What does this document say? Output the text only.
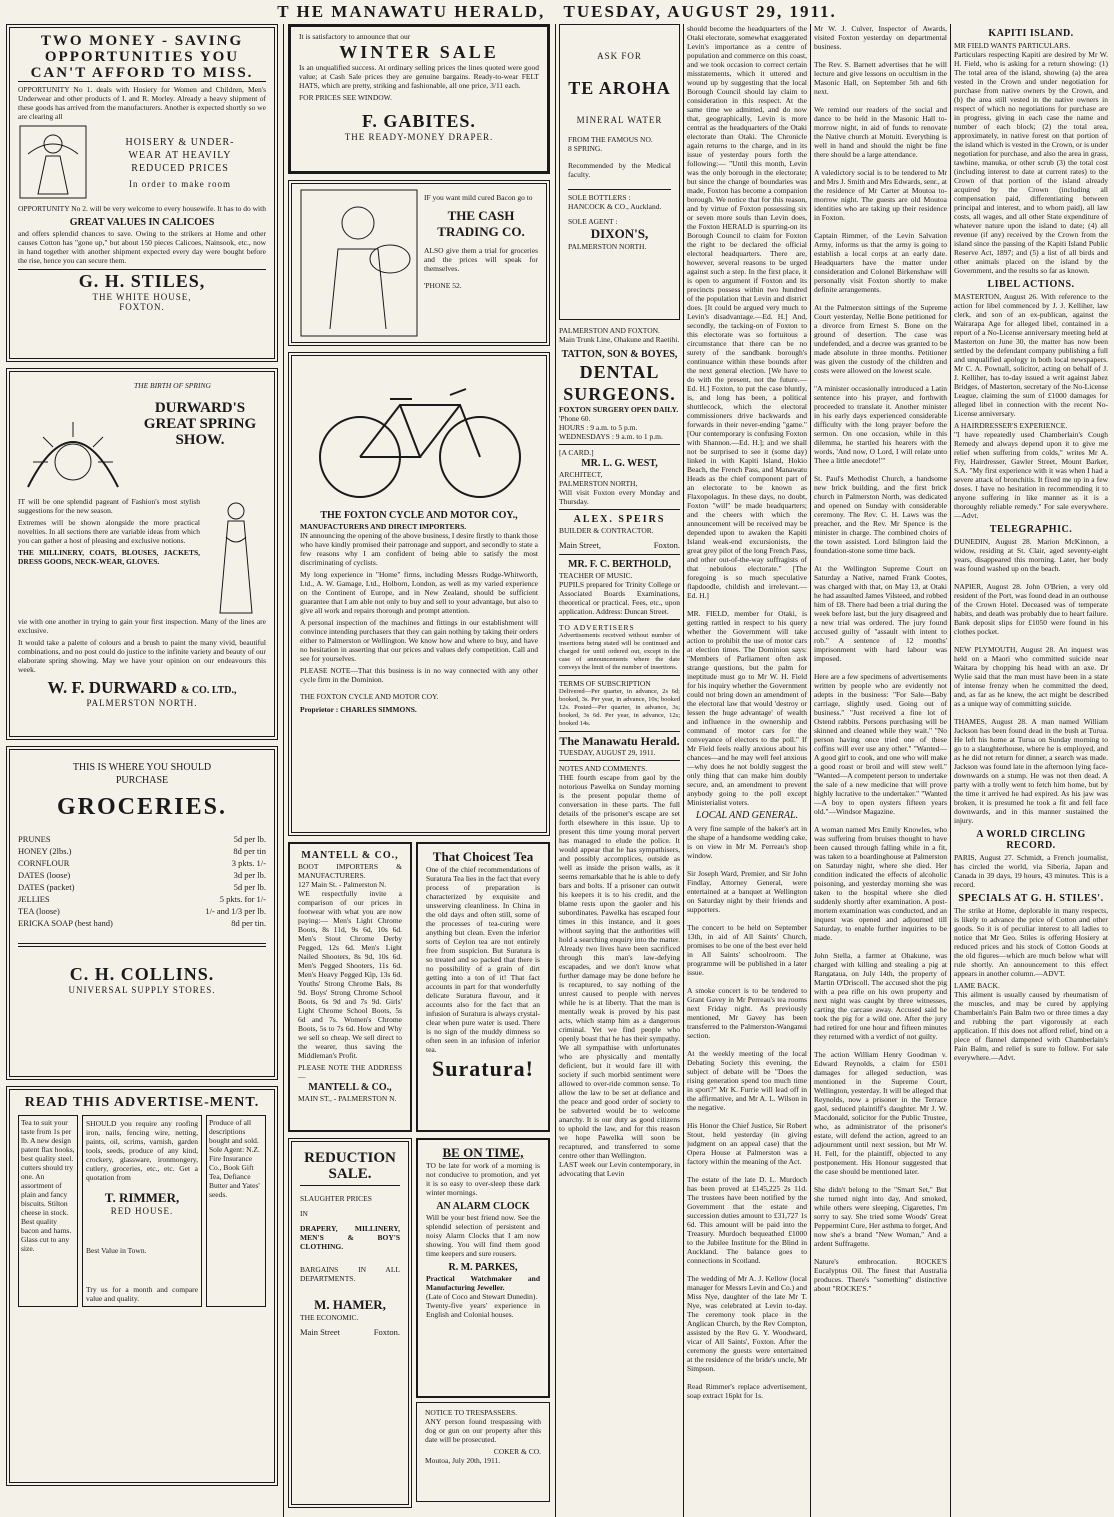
T HE MANAWATU HERALD, TUESDAY, AUGUST 29, 1911.
TWO MONEY - SAVING
OPPORTUNITIES YOU
CAN'T AFFORD TO MISS.
OPPORTUNITY No 1. deals with Hosiery for Women and Children, Men's Underwear and other products of I. and R. Morley. Already a heavy shipment of these goods has arrived from the manufacturers. Another is expected shortly so we are clearing all
HOISERY & UNDER-
WEAR AT HEAVILY
REDUCED PRICES
In order to make room
OPPORTUNITY No 2. will be very welcome to every housewife. It has to do with
GREAT VALUES IN CALICOES
and offers splendid chances to save. Owing to the strikers at Home and other causes Cotton has "gone up," but about 150 pieces Calicoes, Nainsook, etc., now in hand together with another shipment expected every day were bought before the rise, hence you can secure them.
G. H. STILES,
THE WHITE HOUSE,
FOXTON.
THE BIRTH OF SPRING
DURWARD'S
GREAT SPRING
SHOW.
IT will be one splendid pageant of Fashion's most stylish suggestions for the new season.
Extremes will be shown alongside the more practical novelties. In all sections there are variable ideas from which you can gather a host of pleasing and exclusive notions.
THE MILLINERY, COATS, BLOUSES, JACKETS, DRESS GOODS, NECK-WEAR, GLOVES.
vie with one another in trying to gain your first inspection. Many of the lines are exclusive.
It would take a palette of colours and a brush to paint the many vivid, beautiful combinations, and no post could do justice to the infinite variety and beauty of our elaborate spring showing. May we have your opinion on our endeavours this week.
W. F. DURWARD & CO. LTD.,
PALMERSTON NORTH.
THIS IS WHERE YOU SHOULD
PURCHASE
GROCERIES.
PRUNES	5d per lb.
HONEY (2lbs.)	8d per tin
CORNFLOUR	3 pkts. 1/-
DATES (loose)	3d per lb.
DATES (packet)	5d per lb.
JELLIES	5 pkts. for 1/-
TEA (loose)	1/- and 1/3 per lb.
ERICKA SOAP (best hand)	8d per tin.
C. H. COLLINS.
UNIVERSAL SUPPLY STORES.
READ THIS ADVERTISE-MENT.
Tea to suit your taste from 1s per lb. A new design patent flax hooks, best quality steel. cutters should try one. An assortment of plain and fancy biscuits. Stilton cheese in stock. Best quality bacon and hams. Glass cut to any size.
SHOULD you require any roofing iron, nails, fencing wire, netting, paints, oil, scrims, varnish, garden tools, seeds, produce of any kind, crockery, glassware, ironmongery, cutlery, groceries, etc., etc. Get a quotation from
T. RIMMER,
RED HOUSE.
Best Value in Town.
Try us for a month and compare value and quality.
Produce of all descriptions bought and sold. Sole Agent: N.Z. Fire Insurance Co., Book Gift Tea, Defiance Butter and Yates' seeds.
It is satisfactory to announce that our
WINTER SALE
Is an unqualified success. At ordinary selling prices the lines quoted were good value; at Cash Sale prices they are genuine bargains. Ready-to-wear FELT HATS, which are pretty, striking and fashionable, all one price, 3/11 each.
FOR PRICES SEE WINDOW.
F. GABITES.
THE READY-MONEY DRAPER.
IF you want mild cured Bacon go to
THE CASH TRADING CO.
ALSO give them a trial for groceries and the prices will speak for themselves.
'PHONE 52.
THE FOXTON CYCLE AND MOTOR COY.,
MANUFACTURERS AND DIRECT IMPORTERS.
IN announcing the opening of the above business, I desire firstly to thank those who have kindly promised their patronage and support, and secondly to state a few reasons why I am confident of being able to satisfy the most discriminating of cyclists.
My long experience in "Home" firms, including Messrs Rudge-Whitworth, Ltd., A. W. Gamage, Ltd., Holborn, London, as well as my varied experience on the Continent of Europe, and in New Zealand, should be sufficient guarantee that I am able not only to buy and sell to your advantage, but also to give all work and repairs thorough and prompt attention.
A personal inspection of the machines and fittings in our establishment will convince intending purchasers that they can gain nothing by taking their orders either to Palmerston or Wellington. We know how and where to buy, and have no hesitation in asserting that our prices and values defy competition. Call and see for yourselves.
PLEASE NOTE—That this business is in no way connected with any other cycle firm in the Dominion.
THE FOXTON CYCLE AND MOTOR COY.
Proprietor : CHARLES SIMMONS.
MANTELL & CO.,
BOOT IMPORTERS & MANUFACTURERS.
127 Main St. - Palmerston N.
WE respectfully invite a comparison of our prices in footwear with what you are now paying:— Men's Light Chrome Boots, 8s 11d, 9s 6d, 10s 6d. Men's Stout Chrome Derby Pegged, 12s 6d. Men's Light Nailed Shooters, 8s 9d, 10s 6d. Men's Pegged Shooters, 11s 6d. Men's Heavy Pegged Kip, 13s 6d. Youths' Strong Chrome Bals, 8s 9d. Boys' Strong Chrome School Boots, 6s 9d and 7s 9d. Girls' Light Chrome School Boots, 5s 6d and 7s. Women's Chrome Boots, 5s to 7s 6d. How and Why we sell so cheap. We sell direct to the wearer, thus saving the Middleman's Profit.
PLEASE NOTE THE ADDRESS—
MANTELL & CO.,
MAIN ST., - PALMERSTON N.
That Choicest Tea
One of the chief recommendations of Suratura Tea lies in the fact that every process of preparation is characterized by exquisite and unswerving cleanliness. In China in the old days and often still, some of the processes of tea-curing were anything but clean. Even the inferior sorts of Ceylon tea are not entirely free from suspicion. But Suratura is so treated and so packed that there is no possibility of a grain of dirt getting into a ton of it! That fact accounts in part for that wonderfully delicate Suratura flavour, and it accounts also for the fact that an infusion of Suratura is always crystal-clear when pure water is used. There is no sign of the muddy dimness so often seen in an infusion of inferior tea.
Suratura!
REDUCTION
SALE.
SLAUGHTER PRICES
IN
DRAPERY, MILLINERY, MEN'S & BOY'S CLOTHING.
BARGAINS IN ALL DEPARTMENTS.
M. HAMER,
THE ECONOMIC.
Main Street	Foxton.
BE ON TIME,
TO be late for work of a morning is not conducive to promotion, and yet it is so easy to over-sleep these dark winter mornings.
AN ALARM CLOCK
Will be your best friend now. See the splendid selection of persistent and noisy Alarm Clocks that I am now showing. You will find them good time keepers and sure rousers.
R. M. PARKES,
Practical Watchmaker and Manufacturing Jeweller.
(Late of Coco and Stewart Dunedin).
Twenty-five years' experience in English and Colonial houses.
NOTICE TO TRESPASSERS.
ANY person found trespassing with dog or gun on our property after this date will be prosecuted.
COKER & CO.
Moutoa, July 20th, 1911.
ASK FOR
TE AROHA
MINERAL WATER
FROM THE FAMOUS NO.
8 SPRING.
Recommended by the Medical faculty.
SOLE BOTTLERS :
HANCOCK & CO., Auckland.
SOLE AGENT :
DIXON'S,
PALMERSTON NORTH.
PALMERSTON AND FOXTON.
Main Trunk Line, Ohakune and Raetihi.
TATTON, SON & BOYES,
DENTAL
SURGEONS.
FOXTON SURGERY OPEN DAILY.
'Phone 60.
HOURS : 9 a.m. to 5 p.m.
WEDNESDAYS : 9 a.m. to 1 p.m.
[A CARD.]
MR. L. G. WEST,
ARCHITECT,
PALMERSTON NORTH,
Will visit Foxton every Monday and Thursday.
ALEX. SPEIRS
BUILDER & CONTRACTOR.
Main Street,	Foxton.
MR. F. C. BERTHOLD,
TEACHER OF MUSIC.
PUPILS prepared for Trinity College or Associated Boards Examinations, theoretical or practical. Fees, etc., upon application. Address: Duncan Street.
TO ADVERTISERS
Advertisements received without number of insertions being stated will be continued and charged for until ordered out, except in the case of announcements where the date conveys the limit of the number of insertions.
TERMS OF SUBSCRIPTION
Delivered—Per quarter, in advance, 2s 6d; booked, 3s. Per year, in advance, 10s; booked 12s. Posted—Per quarter, in advance, 3s; booked, 3s 6d. Per year, in advance, 12s; booked 14s.
The Manawatu Herald.
TUESDAY, AUGUST 29, 1911.
NOTES AND COMMENTS.
THE fourth escape from gaol by the notorious Pawelka on Sunday morning is the present popular theme of conversation in these parts. The full details of the prisoner's escape are set forth elsewhere in this issue. Up to present this time young moral pervert has managed to elude the police. It would appear that he has sympathisers, and possibly accomplices, outside as well as inside the prison walls, as it seems remarkable that he is able to defy bars and bolts. If a prisoner can outwit his keepers it is to his credit, and the blame rests upon the gaoler and his subordinates. Pawelka has escaped four times in this instance, and it goes without saying that the authorities will hold a searching enquiry into the matter. Already two lives have been sacrificed through this man's law-defying escapades, and we don't know what further damage may be done before he is recaptured, to say nothing of the unrest caused to people with nerves while he is at liberty. That the man is mentally weak is proved by his past acts, which stamp him as a dangerous criminal. Yet we find people who openly boast that he has their sympathy. We all sympathise with unfortunates who are physically and mentally deficient, but it would fare ill with society if such morbid sentiment were allowed to over-ride common sense. To allow the law to be set at defiance and the peace and good order of society to be subverted would be to welcome anarchy. It is our duty as good citizens to uphold the law, and for this reason we hope Pawelka will soon be recaptured, and transferred to some centre other than Wellington.
LAST week our Levin contemporary, in advocating that Levin
should become the headquarters of the Otaki electorate, somewhat exaggerated Levin's importance as a centre of population and commerce on this coast, and we took occasion to correct certain misstatements, which it uttered and wound up by suggesting that the local Borough Council should lay claim to consideration in this respect. At the same time we admitted, and do now that, geographically, Levin is more central as the headquarters of the Otaki electorate than Otaki. The Chronicle again returns to the charge, and in its issue of yesterday pours forth the following:— "Until this month, Levin was the only borough in the electorate; but since the change of boundaries was made, Foxton has become a companion borough. We notice that for this reason, and by virtue of Foxton possessing six or seven more souls than Levin does, the Foxton HERALD is spurring-on its Borough Council to claim for Foxton the right to be declared the official electoral headquarters. There are, however, several reasons to be urged against such a step. In the first place, it is open to argument if Foxton and its precincts possess within two hundred of the population that Levin and district does. [It could be argued very much to Levin's disadvantage.—Ed. H.] And, secondly, the tacking-on of Foxton to this electorate was so fortuitous a circumstance that there can be no surety of the sandbank borough's continuance within these bounds after the next general election. [We have to do with the present, not the future.—Ed. H.] Foxton, to put the case bluntly, is, and long has been, a political shuttlecock, which the electoral commissioners drive backwards and forwards in their never-ending "game." [Our contemporary is confusing Foxton with Shannon.—Ed. H.]; and we shall not be surprised to see it (some day) linked in with Kapiti Island, Hokio Beach, the French Pass, and Manawatu Heads as the chief component part of an electorate to be known as Flaxopolagus. In these days, no doubt, Foxton "will" be made headquarters; and the cheers with which the announcement will be received may be depended upon to awaken the Kapiti Island weak-end excursionists, the great grey pilot of the long French Pass, and other out-of-the-way suffragists of that nebulous electorate." [The foregoing is so much speculative flapdoodle, childish and irrelevant.—Ed. H.]

MR. FIELD, member for Otaki, is getting rattled in respect to his query whether the Government will take action to prohibit the use of motor cars at election times. The Dominion says: "Members of Parliament often ask strange questions, but the palm for ineptitude must go to Mr W. H. Field for his inquiry whether the Government could not bring down an amendment of the electoral law that would 'destroy or lessen the huge advantage' of wealth and influence in the ownership and command of motor cars for the conveyance of electors to the poll." If Mr Field feels really anxious about his chances—and he may well feel anxious—why does he not boldly suggest the only thing that can make him doubly secure, and, an amendment to prevent anybody going to the poll except Ministerialist voters.
LOCAL AND GENERAL.
A very fine sample of the baker's art in the shape of a handsome wedding cake, is on view in Mr M. Perreau's shop window.

Sir Joseph Ward, Premier, and Sir John Findlay, Attorney General, were entertained at a banquet at Wellington on Saturday night by their friends and supporters.

The concert to be held on September 13th, in aid of All Saints' Church, promises to be one of the best ever held in All Saints' schoolroom. The programme will be published in a later issue.

A smoke concert is to be tendered to Grant Gavey in Mr Perreau's tea rooms next Friday night. As previously mentioned, Mr Gavey has been transferred to the Palmerston-Wanganui section.

At the weekly meeting of the local Debating Society this evening, the subject of debate will be "Does the rising generation spend too much time in sport?" Mr K. Furrie will lead off in the affirmative, and Mr A. L. Wilson in the negative.

His Honor the Chief Justice, Sir Robert Stout, held yesterday (in giving judgment on an appeal case) that the Opera House at Palmerston was a factory within the meaning of the Act.

The estate of the late D. L. Murdoch has been proved at £145,225 2s 11d. The trustees have been notified by the Government that the estate and succession duties amount to £31,727 1s 6d. This amount will be paid into the Treasury. Murdoch bequeathed £1000 to the Jubilee Institute for the Blind in Auckland. The balance goes to connections in Scotland.

The wedding of Mr A. J. Kellow (local manager for Messrs Levin and Co.) and Miss Nye, daughter of the late Mr T. Nye, was celebrated at Levin to-day. The ceremony took place in the Anglican Church, by the Rev Compton, assisted by the Rev G. Y. Woodward, vicar of All Saints', Foxton. After the ceremony the guests were entertained at the residence of the bride's uncle, Mr Simpson.

Read Rimmer's replace advertisement, soap extract 16pkt for 1s.
Mr W. J. Culver, Inspector of Awards, visited Foxton yesterday on departmental business.

The Rev. S. Barnett advertises that he will lecture and give lessons on occultism in the Masonic Hall, on September 5th and 6th next.

We remind our readers of the social and dance to be held in the Masonic Hall to-morrow night, in aid of funds to renovate the Native church at Motuiti. Everything is well in hand and should the night be fine there should be a large attendance.

A valedictory social is to be tendered to Mr and Mrs J. Smith and Mrs Edwards, senr., at the residence of Mr Carter at Moutoa to-morrow night. The guests are old Moutoa identities who are taking up their residence in Foxton.

Captain Rimmer, of the Levin Salvation Army, informs us that the army is going to establish a local corps at an early date. Headquarters have the matter under consideration and Colonel Birkenshaw will personally visit Foxton shortly to make definite arrangements.

At the Palmerston sittings of the Supreme Court yesterday, Nellie Bone petitioned for a divorce from Ernest S. Bone on the ground of desertion. The case was undefended, and a decree was granted to be made absolute in three months. Petitioner was given the custody of the children and costs were allowed on the lowest scale.

"A minister occasionally introduced a Latin sentence into his prayer, and forthwith proceeded to translate it. Another minister in his early days experienced considerable difficulty with the long prayer before the sermon. On one occasion, while in this dilemma, he startled his hearers with the words, 'And now, O Lord, I will relate unto Thee a little anecdote!'"

St. Paul's Methodist Church, a handsome new brick building, and the first brick church in Palmerston North, was dedicated and opened on Sunday with considerable ceremony. The Rev. C. H. Laws was the preacher, and the Rev. Mr Spence is the minister in charge. The combined choirs of the town assisted. Lord Islington laid the foundation-stone some time back.

At the Wellington Supreme Court on Saturday a Native, named Frank Cootes, was charged with that, on May 13, at Otaki he had assaulted James Vilsteed, and robbed him of £8. There had been a trial during the week before last, but the jury disagreed and a new trial was ordered. The jury found accused guilty of "assault with intent to rob." A sentence of 12 months' imprisonment with hard labour was imposed.

Here are a few specimens of advertisements written by people who are evidently not adepts in the business: "For Sale—Baby carriage, slightly used. Going out of business." "Just received a fine lot of Ostend rabbits. Persons purchasing will be skinned and cleaned while they wait." "No person having once tried one of these coffins will ever use any other." "Wanted—A good girl to cook, and one who will make a good roast or broil and will stew well." "Wanted—A competent person to undertake the sale of a new medicine that will prove highly lucrative to the undertaker." "Wanted—A boy to open oysters fifteen years old."—Windsor Magazine.

A woman named Mrs Emily Knowles, who was suffering from bruises thought to have been caused through falling while in a fit, was taken to a boardinghouse at Palmerston on Saturday night, where she died. Her condition indicated the effects of alcoholic poisoning, and yesterday morning she was taken to the hospital where she died suddenly shortly after examination. A post-mortem examination was conducted, and an inquest was opened and adjourned till Saturday, to enable further inquiries to be made.

John Stella, a farmer at Ohakune, was charged with killing and stealing a pig at Rangataua, on July 14th, the property of Martin O'Driscoll. The accused shot the pig with a pea rifle on his own property and next night was caught by three witnesses, carting the carcase away. Accused said he took the pig for a wild one. After the jury had retired for one hour and fifteen minutes they returned with a verdict of not guilty.

The action William Henry Goodman v. Edward Reynolds, a claim for £501 damages for alleged seduction, was mentioned in the Supreme Court, Wellington, yesterday. It will be alleged that Reynolds, now a prisoner in the Terrace gaol, seduced plaintiff's daughter. Mr J. W. Macdonald, solicitor for the Public Trustee, who, as administrator of the prisoner's estate, will defend the action, agreed to an adjournment until next session, but Mr W. H. Fell, for the plaintiff, objected to any postponement. His Honour suggested that the case should be mentioned later.

She didn't belong to the "Smart Set," But she turned night into day, And smoked, while others were sleeping, Cigarettes, I'm sorry to say. She tried some Woods' Great Peppermint Cure, Her asthma to forget, And now she's a brand "New Woman," And a ardent Suffragette.

Nature's embrocation. ROCKE'S Eucalyptus Oil. The finest that Australia produces. There's "something" distinctive about "ROCKE'S."
KAPITI ISLAND.
MR FIELD WANTS PARTICULARS.
Particulars respecting Kapiti are desired by Mr W. H. Field, who is asking for a return showing: (1) The total area of the island, showing (a) the area vested in the Crown and under negotiation for purchase from native owners by the Crown, and (b) the area still vested in the native owners in respect of which no negotiations for purchase are in progress, giving in each case the name and number of each block; (2) the total area, approximately, in native forest on that portion of the island which is vested in the Crown, or is under negotiation for purchase, and also the area in grass, tawhine, manuka, or other scrub (3) the total cost (including interest to date at current rates) to the Crown of that portion of the island already acquired by the Crown (including all compensation paid, differentiating between principal and interest, and to whom paid), all law costs, all wages, and all other State expenditure of whatever nature upon the island to date; (4) all revenue (if any) received by the Crown from the island since the passing of the Kapiti Island Public Reserve Act, 1897; and (5) a list of all birds and other animals placed on the island by the Government, and the results so far as known.
LIBEL ACTIONS.
MASTERTON, August 26. With reference to the action for libel commenced by J. J. Kelliher, law clerk, and son of an ex-publican, against the Wairarapa Age for alleged libel, contained in a report of a No-License anniversary meeting held at Masterton on June 30, the matter has now been settled by the defendant company publishing a full and unqualified apology in both local newspapers. Mr C. A. Pownall, solicitor, acting on behalf of J. J. Kelliher, has to-day issued a writ against Jabez Bridges, of Masterton, secretary of the No-License League, claiming the sum of £1000 damages for alleged libel in connection with the recent No-License anniversary.
A HAIRDRESSER'S EXPERIENCE.
"I have repeatedly used Chamberlain's Cough Remedy and always depend upon it to give me relief when suffering from colds," writes Mr A. Fry, Hairdresser, Gawler Street, Mount Barker, S.A. "My first experience with it was when I had a severe attack of bronchitis. It fixed me up in a few doses. I have no hesitation in recommending it to anyone suffering in like manner as it is a thoroughly reliable remedy." For sale everywhere. —Advt.
TELEGRAPHIC.
DUNEDIN, August 28. Marion McKinnon, a widow, residing at St. Clair, aged seventy-eight years, disappeared this morning. Later, her body was found washed up on the beach.

NAPIER, August 28. John O'Brien, a very old resident of the Port, was found dead in an outhouse of the Crown Hotel. Deceased was of temperate habits, and death was probably due to heart failure. Bank deposit slips for £1050 were found in his clothes pocket.

NEW PLYMOUTH, August 28. An inquest was held on a Maori who committed suicide near Waitara by chopping his head with an axe. Dr Wylie said that the man must have been in a state of intense frenzy when he committed the deed, and, as far as he knew, the act might be described as a unique way of committing suicide.

THAMES, August 28. A man named William Jackson has been found dead in the bush at Turua. He left his home at Turua on Sunday morning to go to a slaughterhouse, where he is employed, and as he did not return for dinner, a search was made. Jackson was found late in the afternoon lying face-downwards on a stump. He was not then dead. A party with a trolly went to fetch him home, but by the time it arrived he had expired. As his jaw was broken, it is presumed he took a fit and fell face downwards, and in this manner sustained the injury.
A WORLD CIRCLING RECORD.
PARIS, August 27. Schmidt, a French journalist, has circled the world, via Siberia, Japan and Canada in 39 days, 19 hours, 43 minutes. This is a record.
SPECIALS AT G. H. STILES'.
The strike at Home, deplorable in many respects, is likely to advance the price of Cotton and other goods. So it is of peculiar interest to all ladies to notice that Mr Geo. Stiles is offering Hosiery at reduced prices and his stock of Cotton Goods at the old figures—which are much below what will rule shortly. An announcement to this effect appears in another column.—ADVT.
LAME BACK.
This ailment is usually caused by rheumatism of the muscles, and may be cured by applying Chamberlain's Pain Balm two or three times a day and rubbing the part vigorously at each application. If this does not afford relief, bind on a piece of flannel dampened with Chamberlain's Pain Balm, and relief is sure to follow. For sale everywhere.—Advt.
